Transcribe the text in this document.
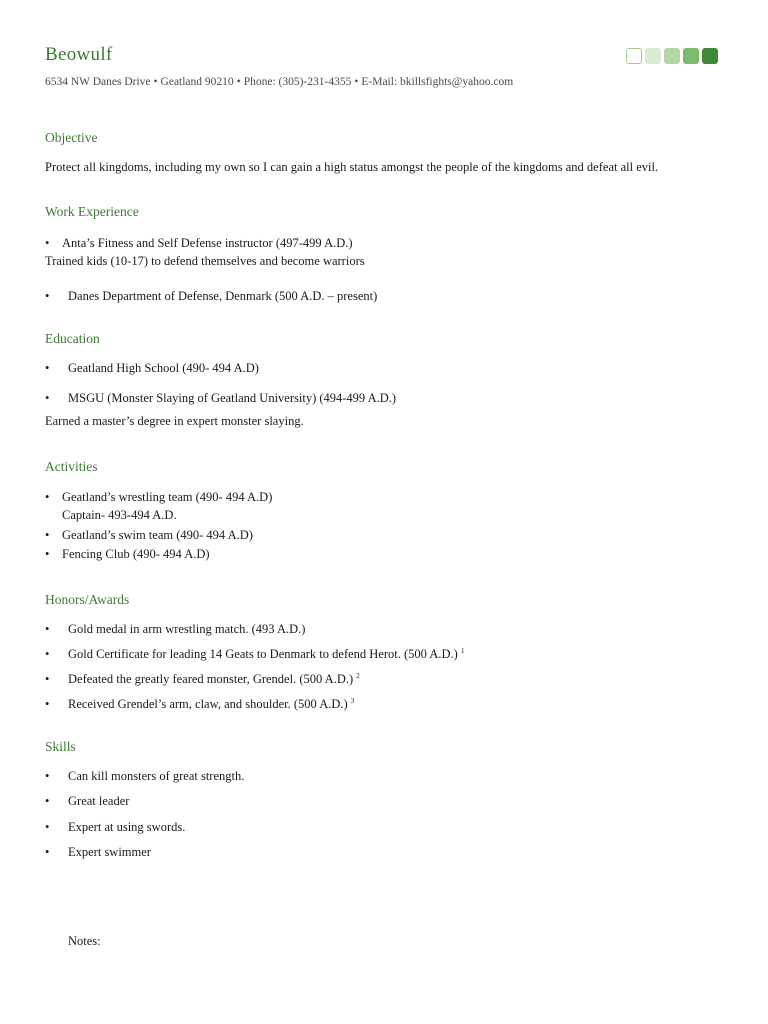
Beowulf
6534 NW Danes Drive • Geatland 90210 • Phone: (305)-231-4355 • E-Mail: bkillsfights@yahoo.com
Objective
Protect all kingdoms, including my own so I can gain a high status amongst the people of the kingdoms and defeat all evil.
Work Experience
• Anta’s Fitness and Self Defense instructor (497-499 A.D.)
Trained kids (10-17) to defend themselves and become warriors
• Danes Department of Defense, Denmark (500 A.D. – present)
Education
• Geatland High School (490- 494 A.D)
• MSGU (Monster Slaying of Geatland University) (494-499 A.D.)
Earned a master’s degree in expert monster slaying.
Activities
• Geatland’s wrestling team (490- 494 A.D)
Captain- 493-494 A.D.
• Geatland’s swim team (490- 494 A.D)
• Fencing Club (490- 494 A.D)
Honors/Awards
• Gold medal in arm wrestling match. (493 A.D.)
• Gold Certificate for leading 14 Geats to Denmark to defend Herot. (500 A.D.) $^1$
• Defeated the greatly feared monster, Grendel. (500 A.D.) $^2$
• Received Grendel’s arm, claw, and shoulder. (500 A.D.) $^3$
Skills
• Can kill monsters of great strength.
• Great leader
• Expert at using swords.
• Expert swimmer
Notes:
